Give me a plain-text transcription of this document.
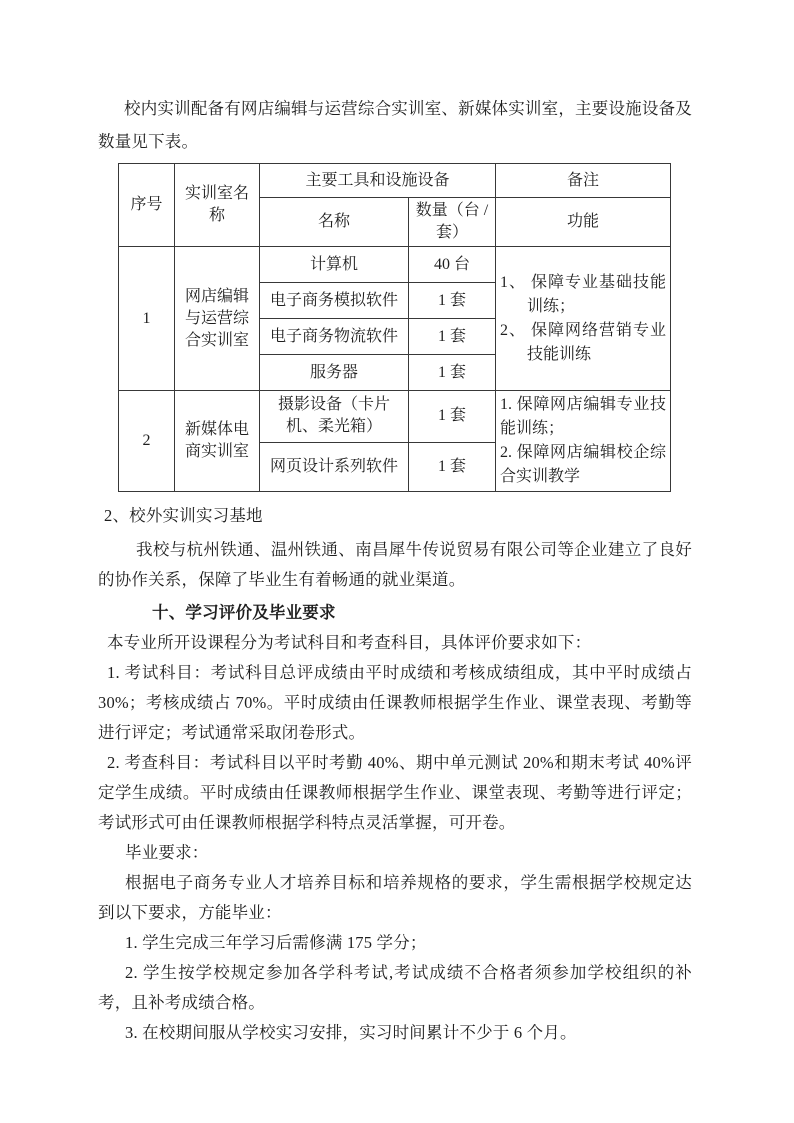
校内实训配备有网店编辑与运营综合实训室、新媒体实训室，主要设施设备及数量见下表。

序号	实训室名称	主要工具和设施设备		备注
		名称	数量（台 / 套）	功能
1	网店编辑与运营综合实训室	计算机	40 台	1、 保障专业基础技能训练；
2、 保障网络营销专业技能训练

		电子商务模拟软件	1 套	
		电子商务物流软件	1 套	
		服务器	1 套	
2	新媒体电商实训室	摄影设备（卡片机、柔光箱）	1 套	1. 保障网店编辑专业技能训练；
2. 保障网店编辑校企综合实训教学

		网页设计系列软件	1 套	

2、校外实训实习基地

我校与杭州铁通、温州铁通、南昌犀牛传说贸易有限公司等企业建立了良好的协作关系，保障了毕业生有着畅通的就业渠道。

十、学习评价及毕业要求

本专业所开设课程分为考试科目和考查科目，具体评价要求如下：

1. 考试科目：考试科目总评成绩由平时成绩和考核成绩组成，其中平时成绩占 30%；考核成绩占 70%。平时成绩由任课教师根据学生作业、课堂表现、考勤等进行评定；考试通常采取闭卷形式。

2. 考查科目：考试科目以平时考勤 40%、期中单元测试 20%和期末考试 40%评定学生成绩。平时成绩由任课教师根据学生作业、课堂表现、考勤等进行评定；考试形式可由任课教师根据学科特点灵活掌握，可开卷。

毕业要求：

根据电子商务专业人才培养目标和培养规格的要求，学生需根据学校规定达到以下要求，方能毕业：

1. 学生完成三年学习后需修满 175 学分；

2. 学生按学校规定参加各学科考试,考试成绩不合格者须参加学校组织的补考，且补考成绩合格。

3. 在校期间服从学校实习安排，实习时间累计不少于 6 个月。
